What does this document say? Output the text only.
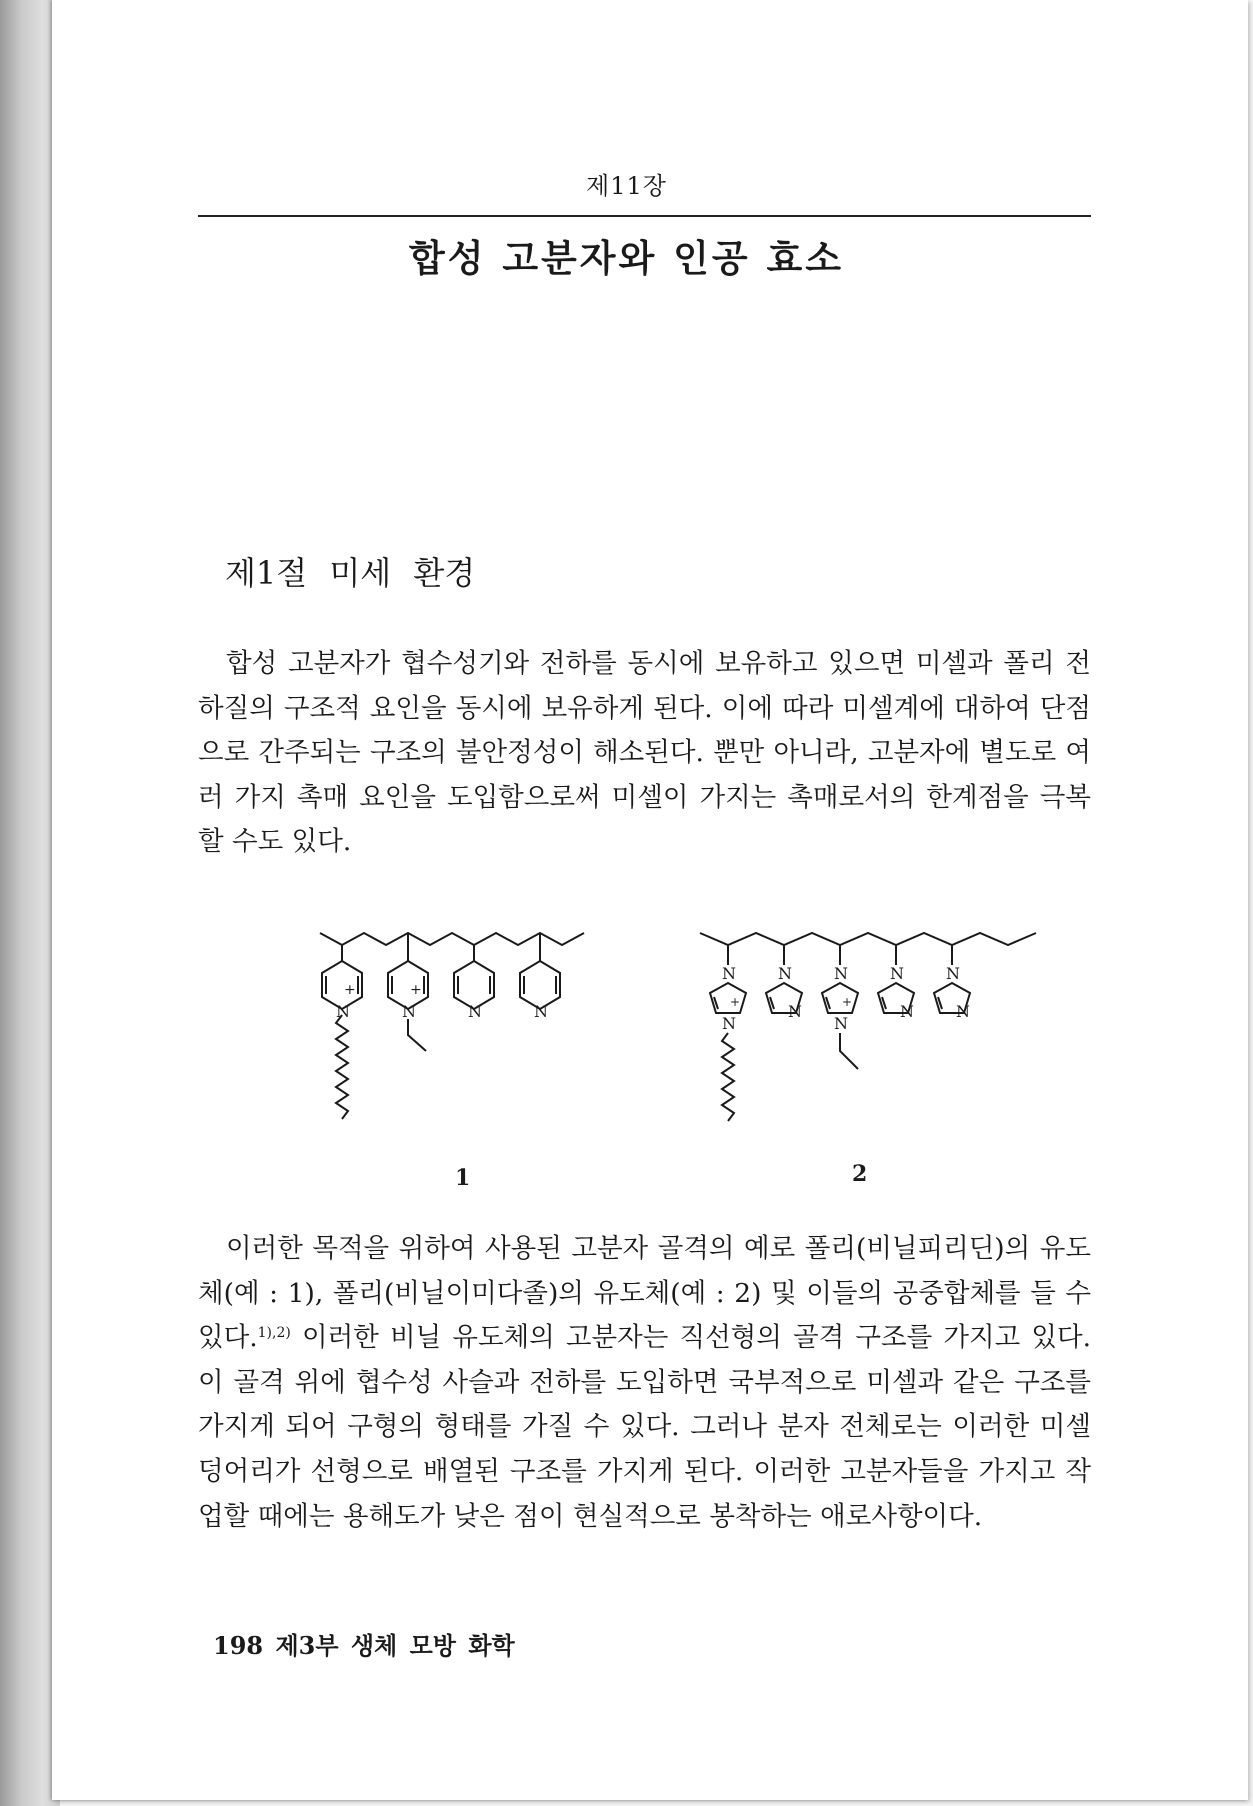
제11장
합성 고분자와 인공 효소
제1절 미세 환경

합성 고분자가 협수성기와 전하를 동시에 보유하고 있으면 미셀과 폴리 전하질의 구조적 요인을 동시에 보유하게 된다. 이에 따라 미셀계에 대하여 단점으로 간주되는 구조의 불안정성이 해소된다. 뿐만 아니라, 고분자에 별도로 여러 가지 촉매 요인을 도입함으로써 미셀이 가지는 촉매로서의 한계점을 극복할 수도 있다.

+
N
+
N	N	N
1
N
+
N
N
N
N
+
N
N
N
N
N
2

이러한 목적을 위하여 사용된 고분자 골격의 예로 폴리(비닐피리딘)의 유도체(예 : 1), 폴리(비닐이미다졸)의 유도체(예 : 2) 및 이들의 공중합체를 들 수 있다.$^{1),2)}$ 이러한 비닐 유도체의 고분자는 직선형의 골격 구조를 가지고 있다. 이 골격 위에 협수성 사슬과 전하를 도입하면 국부적으로 미셀과 같은 구조를 가지게 되어 구형의 형태를 가질 수 있다. 그러나 분자 전체로는 이러한 미셀 덩어리가 선형으로 배열된 구조를 가지게 된다. 이러한 고분자들을 가지고 작업할 때에는 용해도가 낮은 점이 현실적으로 봉착하는 애로사항이다.

198 제3부 생체 모방 화학
